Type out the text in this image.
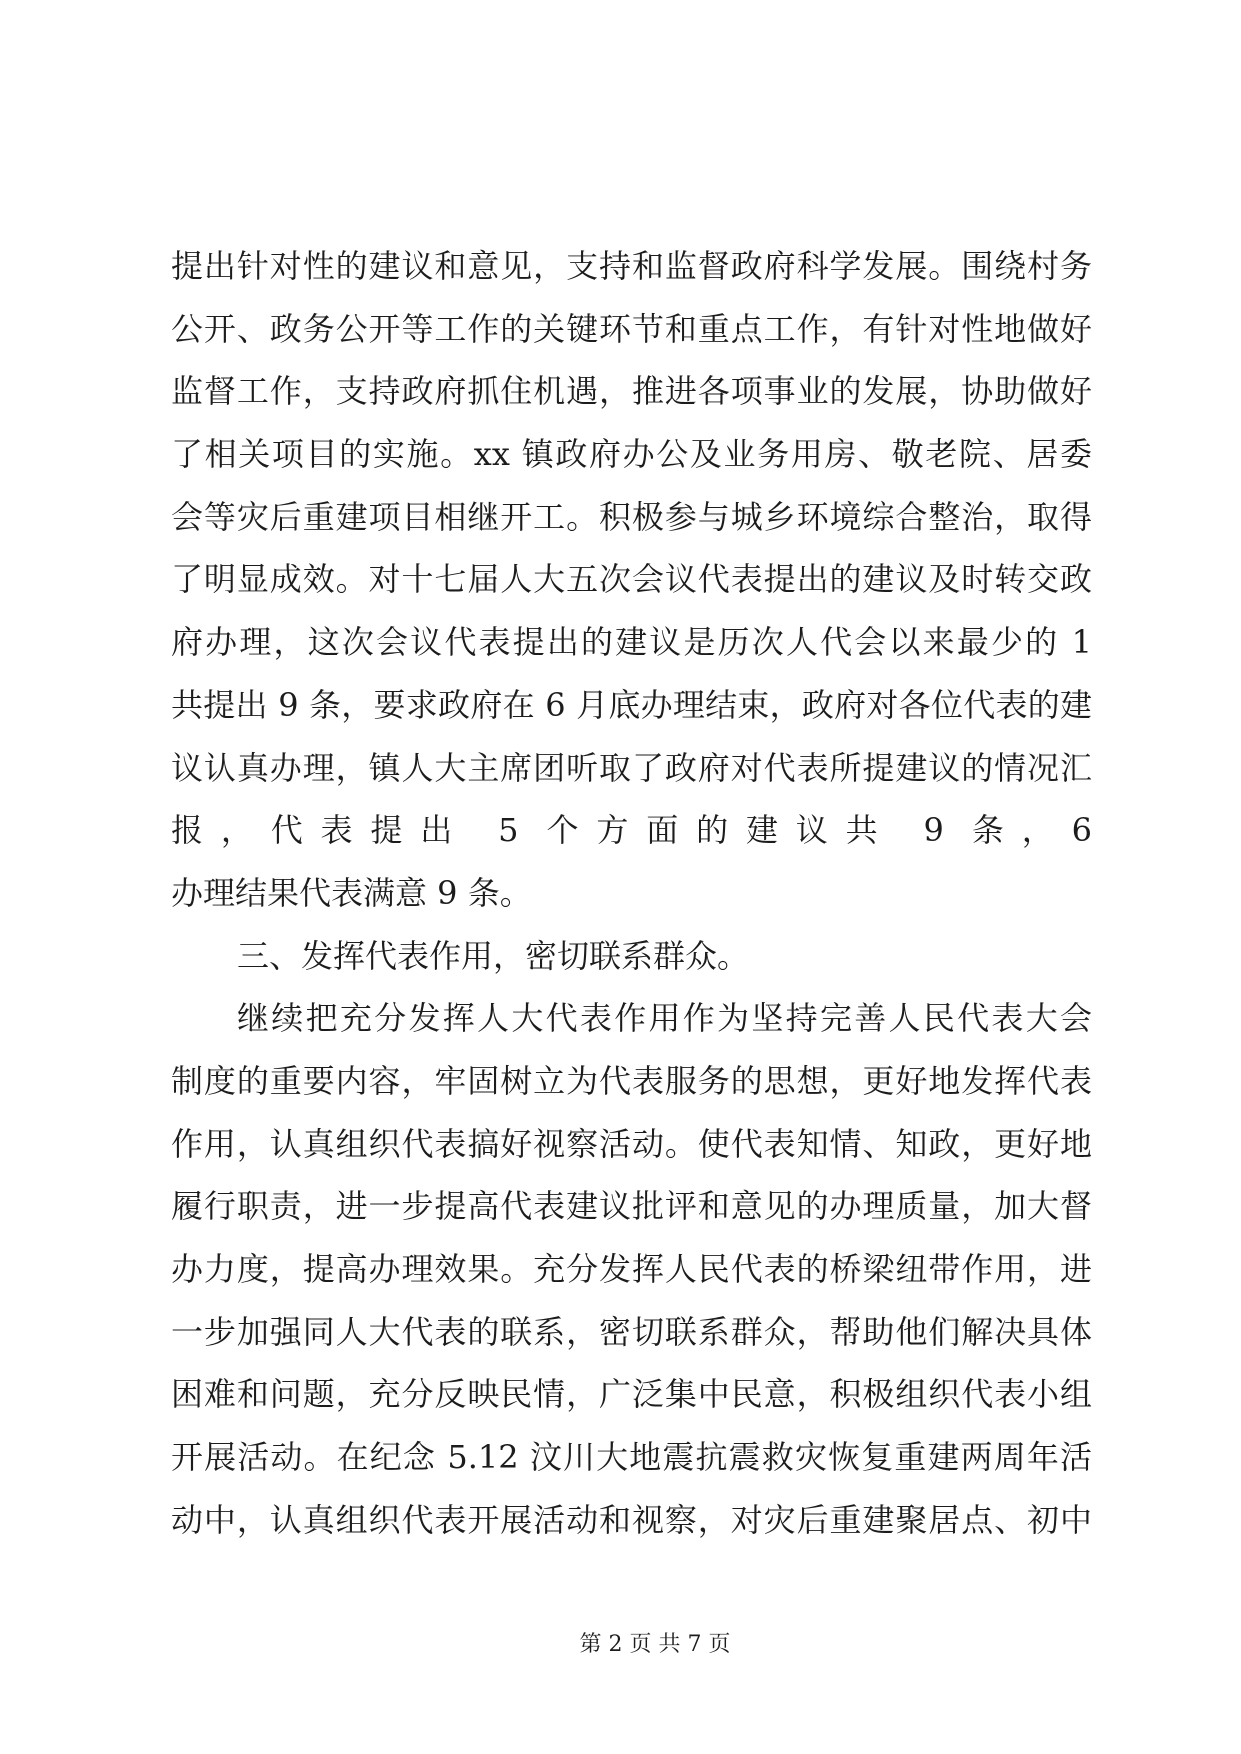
提出针对性的建议和意见，支持和监督政府科学发展。围绕村务
公开、政务公开等工作的关键环节和重点工作，有针对性地做好
监督工作，支持政府抓住机遇，推进各项事业的发展，协助做好
了相关项目的实施。xx 镇政府办公及业务用房、敬老院、居委
会等灾后重建项目相继开工。积极参与城乡环境综合整治，取得
了明显成效。对十七届人大五次会议代表提出的建议及时转交政
府办理，这次会议代表提出的建议是历次人代会以来最少的 1
共提出 9 条，要求政府在 6 月底办理结束，政府对各位代表的建
议认真办理，镇人大主席团听取了政府对代表所提建议的情况汇
报，代表提出 5 个方面的建议共 9 条，6
办理结果代表满意 9 条。
三、发挥代表作用，密切联系群众。
继续把充分发挥人大代表作用作为坚持完善人民代表大会
制度的重要内容，牢固树立为代表服务的思想，更好地发挥代表
作用，认真组织代表搞好视察活动。使代表知情、知政，更好地
履行职责，进一步提高代表建议批评和意见的办理质量，加大督
办力度，提高办理效果。充分发挥人民代表的桥梁纽带作用，进
一步加强同人大代表的联系，密切联系群众，帮助他们解决具体
困难和问题，充分反映民情，广泛集中民意，积极组织代表小组
开展活动。在纪念 5.12 汶川大地震抗震救灾恢复重建两周年活
动中，认真组织代表开展活动和视察，对灾后重建聚居点、初中
第 2 页 共 7 页
